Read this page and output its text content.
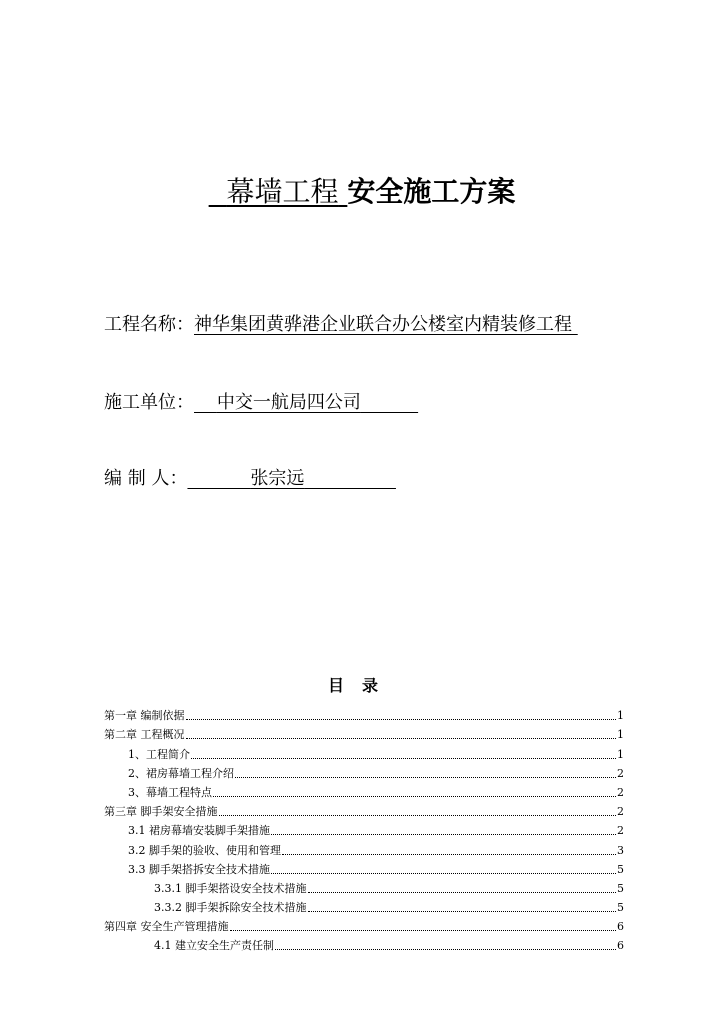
幕墙工程 安全施工方案
工程名称：神华集团黄骅港企业联合办公楼室内精装修工程
施工单位： 中交一航局四公司
编 制 人：	张宗远
目录
第一章 编制依据	1
第二章 工程概况	1
1、工程简介	1
2、裙房幕墙工程介绍	2
3、幕墙工程特点	2
第三章 脚手架安全措施	2
3.1 裙房幕墙安装脚手架措施	2
3.2 脚手架的验收、使用和管理	3
3.3 脚手架搭拆安全技术措施	5
3.3.1 脚手架搭设安全技术措施	5
3.3.2 脚手架拆除安全技术措施	5
第四章 安全生产管理措施	6
4.1 建立安全生产责任制	6
